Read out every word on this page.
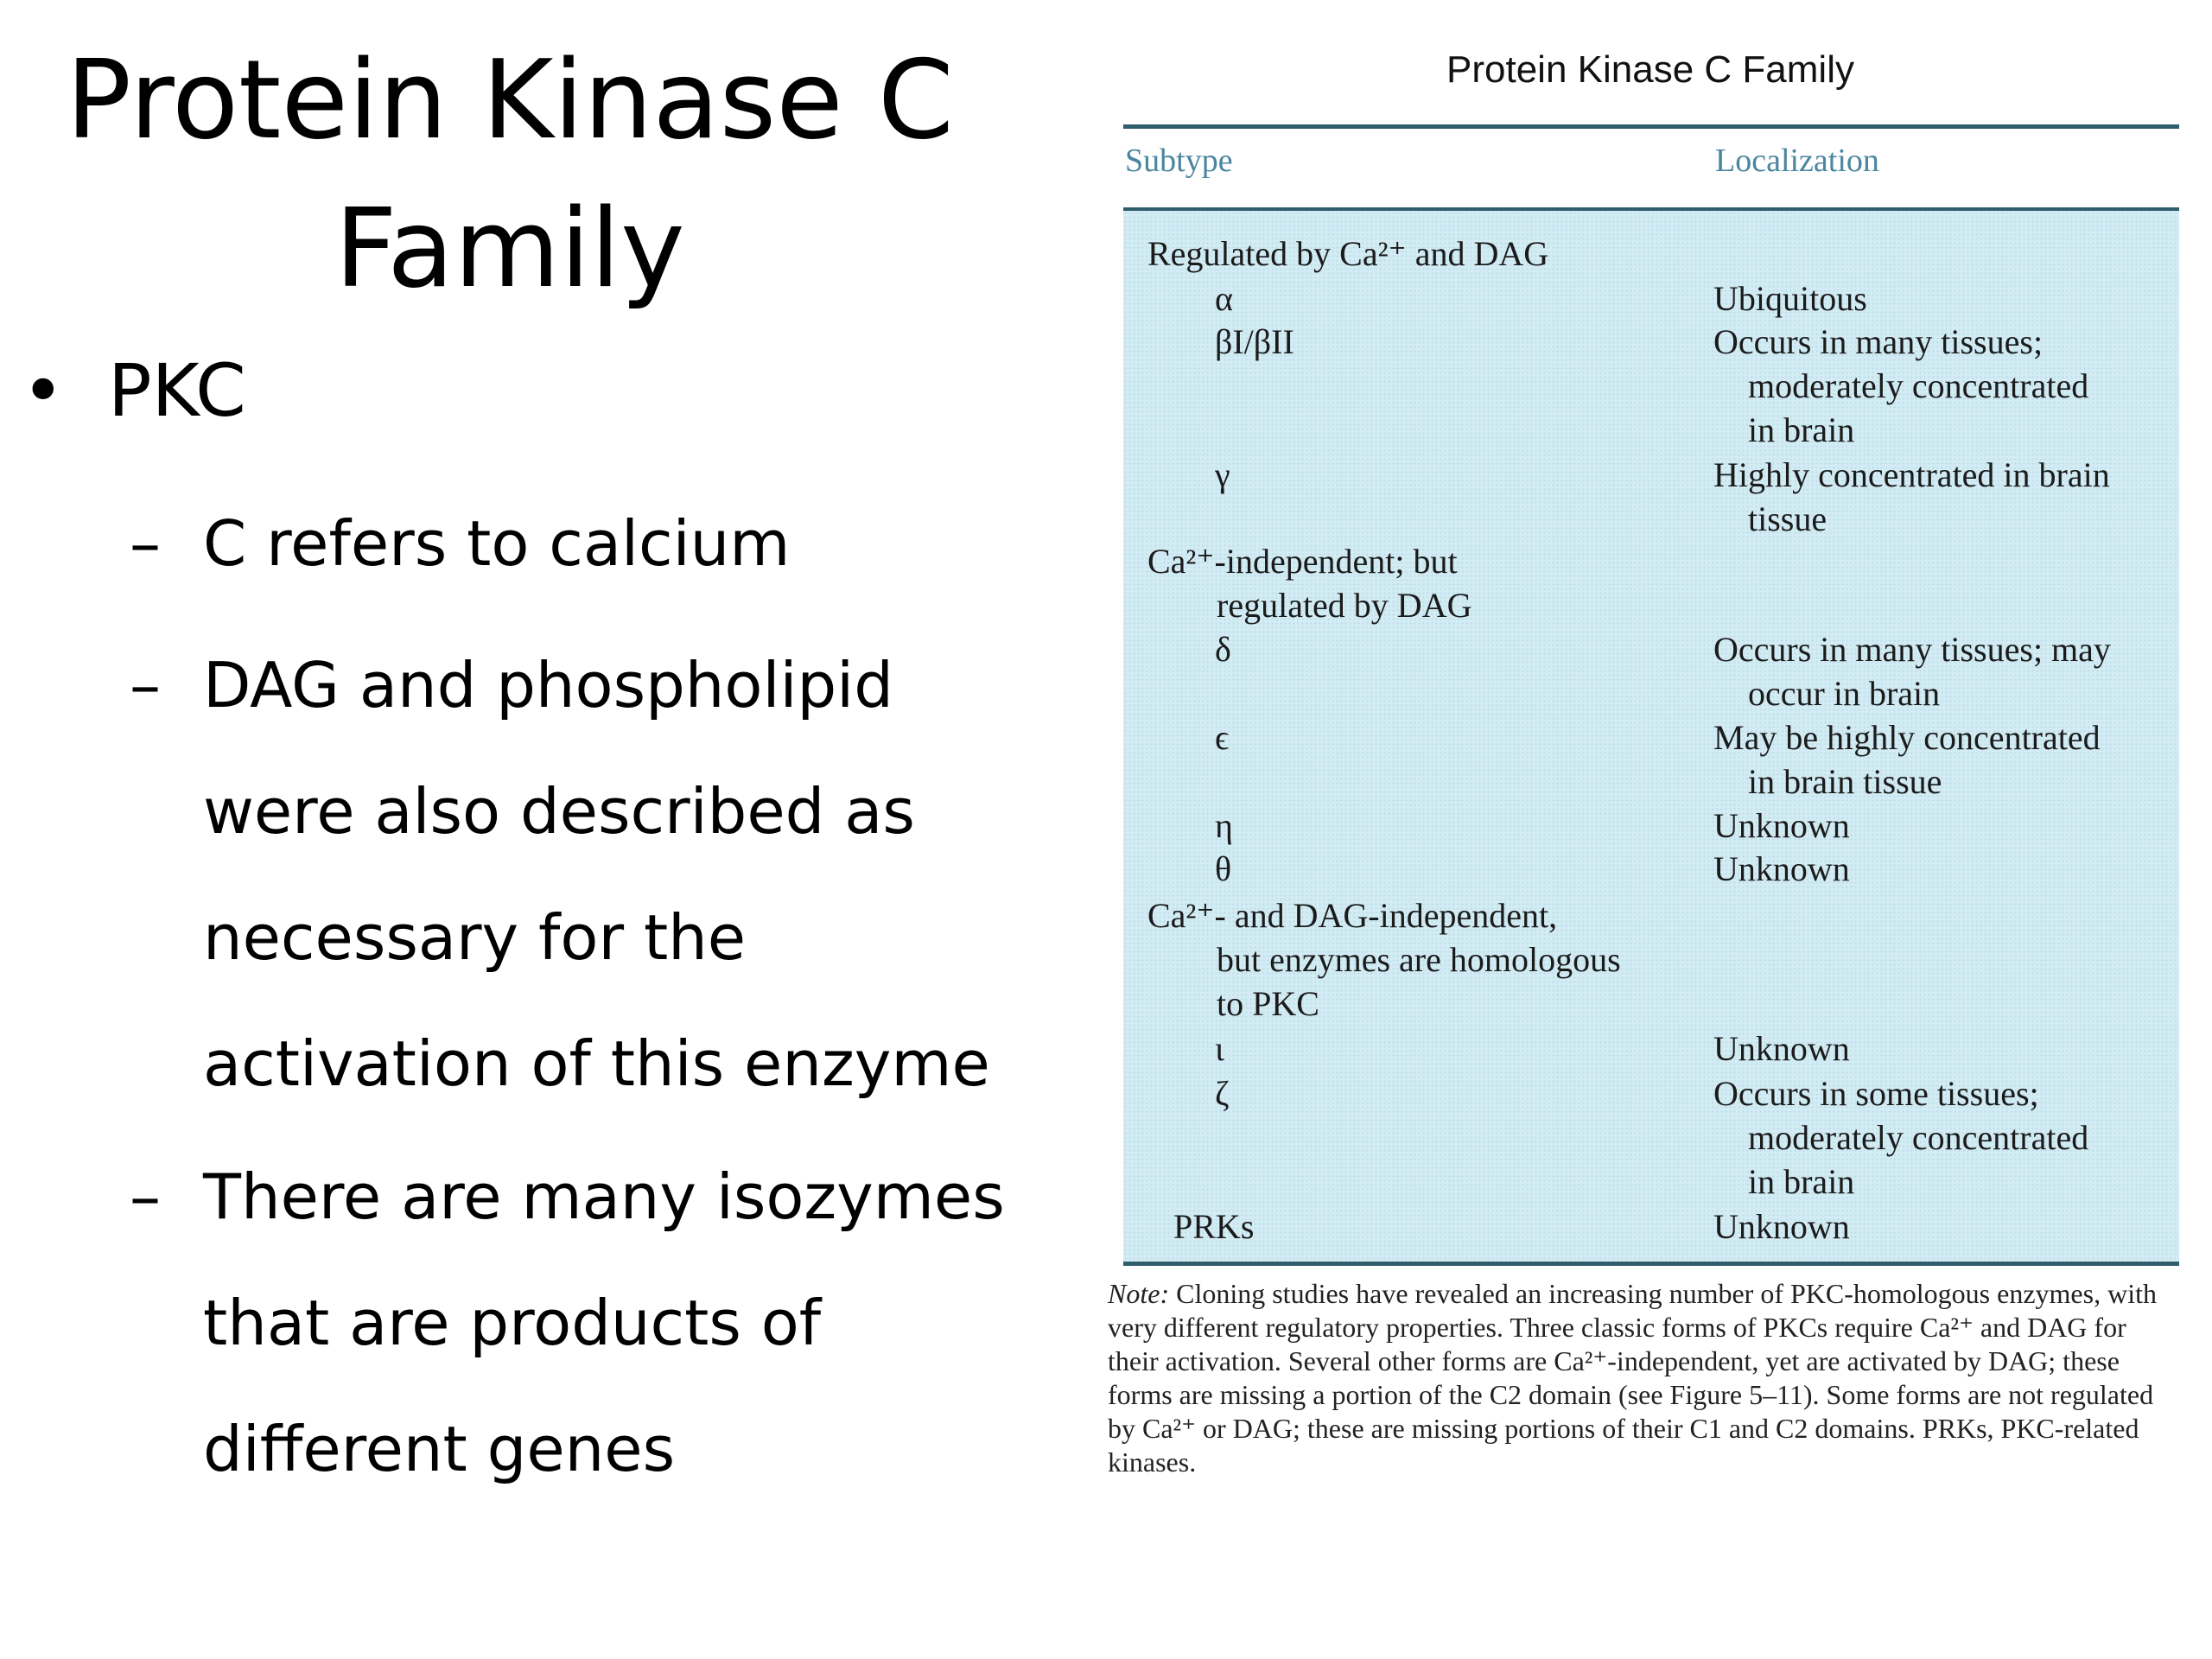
Protein Kinase C
Family
• PKC
– C refers to calcium
– DAG and phospholipid were also described as necessary for the activation of this enzyme
– There are many isozymes that are products of different genes
Protein Kinase C Family
Subtype	Localization
Regulated by Ca²⁺ and DAG
α	Ubiquitous
βI/βII	Occurs in many tissues;
moderately concentrated
in brain
γ	Highly concentrated in brain
tissue
Ca²⁺-independent; but
regulated by DAG
δ	Occurs in many tissues; may
occur in brain
ϵ	May be highly concentrated
in brain tissue
η	Unknown
θ	Unknown
Ca²⁺- and DAG-independent,
but enzymes are homologous
to PKC
ι	Unknown
ζ	Occurs in some tissues;
moderately concentrated
in brain
PRKs	Unknown
Note: Cloning studies have revealed an increasing number of PKC-homologous enzymes, with very different regulatory properties. Three classic forms of PKCs require Ca²⁺ and DAG for their activation. Several other forms are Ca²⁺-independent, yet are activated by DAG; these forms are missing a portion of the C2 domain (see Figure 5–11). Some forms are not regulated by Ca²⁺ or DAG; these are missing portions of their C1 and C2 domains. PRKs, PKC-related kinases.
